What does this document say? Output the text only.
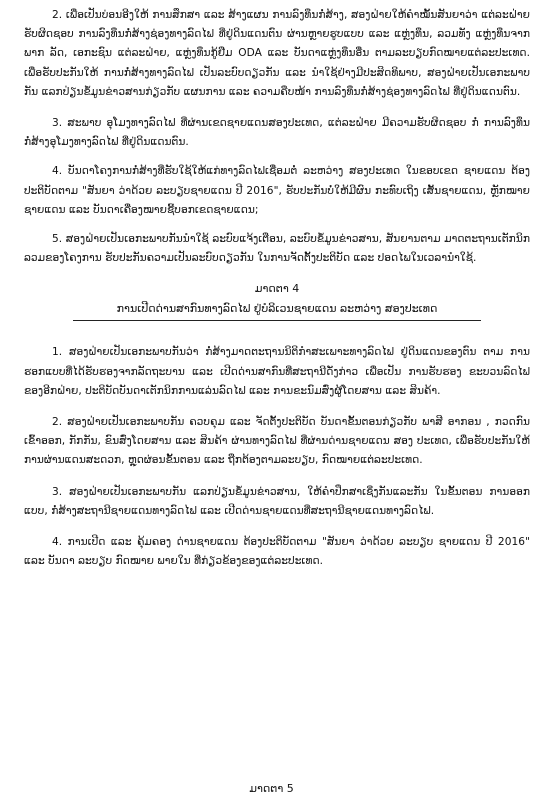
2. ເພື່ອເປັນບ່ອນອີງໃຫ້ ການສຶກສາ ແລະ ສ້າງແຜນ ການລົງທຶນກໍ່ສ້າງ, ສອງຝ່າຍໃຫ້ຄໍາໝັ້ນສັນຍາວ່າ ແຕ່ລະຝ່າຍຮັບຜິດຊອບ ການລົງທຶນກໍ່ສ້າງຊ່ອງທາງລົດໄຟ ທີ່ຢູ່ດິນແດນຕົນ ຜ່ານຫຼາຍຮູບແບບ ແລະ ແຫຼ່ງທຶນ, ລວມທັງ ແຫຼ່ງທຶນຈາກພາກ ລັດ, ເອກະຊົນ ແຕ່ລະຝ່າຍ, ແຫຼ່ງທຶນກູ້ຢືມ ODA ແລະ ບັນດາແຫຼ່ງທຶນອື່ນ ຕາມລະບຽບກົດໝາຍແຕ່ລະປະເທດ. ເພື່ອຮັບປະກັນໃຫ້ ການກໍ່ສ້າງທາງລົດໄຟ ເປັນລະບົບດຽວກັນ ແລະ ນໍາໃຊ້ຢ່າງມີປະສິດທິພາບ, ສອງຝ່າຍເປັນເອກະພາບກັນ ແລກປ່ຽນຂໍ້ມູນຂ່າວສານກ່ຽວກັບ ແຜນການ ແລະ ຄວາມຄືບໜ້າ ການລົງທຶນກໍ່ສ້າງຊ່ອງທາງລົດໄຟ ທີ່ຢູ່ດິນແດນຕົນ.

3. ສະພາບ ອຸໂມງທາງລົດໄຟ ທີ່ຜ່ານເຂດຊາຍແດນສອງປະເທດ, ແຕ່ລະຝ່າຍ ມີຄວາມຮັບຜິດຊອບ ກໍ່ ການລົງທຶນກໍ່ສ້າງອຸໂມງທາງລົດໄຟ ທີ່ຢູ່ດິນແດນຕົນ.

4. ບັນດາໂຄງການກໍ່ສ້າງທີ່ຮັບໃຊ້ໃຫ້ແກ່ທາງລົດໄຟເຊື່ອມຕໍ່ ລະຫວ່າງ ສອງປະເທດ ໃນຂອບເຂດ ຊາຍແດນ ຕ້ອງປະຕິບັດຕາມ "ສັນຍາ ວ່າດ້ວຍ ລະບຽບຊາຍແດນ ປີ 2016", ຮັບປະກັນບໍ່ໃຫ້ມີຜົນ ກະທົບເຖິງ ເສັ້ນຊາຍແດນ, ຫຼັກໝາຍຊາຍແດນ ແລະ ບັນດາເຄື່ອງໝາຍຊີ້ບອກເຂດຊາຍແດນ;

5. ສອງຝ່າຍເປັນເອກະພາບກັນນໍາໃຊ້ ລະບົບແຈ້ງເຕືອນ, ລະບົບຂໍ້ມູນຂ່າວສານ, ສັນຍານຕາມ ມາດຕະຖານເຕັກນິກລວມຂອງໂຄງການ ຮັບປະກັນຄວາມເປັນລະບົບດຽວກັນ ໃນການຈັດຕັ້ງປະຕິບັດ ແລະ ປອດໄພໃນເວລານໍາໃຊ້.

ມາດຕາ 4
ການເປີດດ່ານສາກົນທາງລົດໄຟ ຢູ່ບໍລິເວນຊາຍແດນ ລະຫວ່າງ ສອງປະເທດ

1. ສອງຝ່າຍເປັນເອກະພາບກັນວ່າ ກໍ່ສ້າງມາດຕະຖານນິຕິກໍາສະເພາະທາງລົດໄຟ ຢູ່ດິນແດນຂອງຕົນ ຕາມ ການຮອກແບບທີ່ໄດ້ຮັບຮອງຈາກລັດຖະບານ ແລະ ເປີດດ່ານສາກົນທີ່ສະຖານີດັ່ງກ່າວ ເພື່ອເປັນ ການຮັບຮອງ ຂະບວນລົດໄຟຂອງອີກຝ່າຍ, ປະຕິບັດບັນດາເຕັກນິກການແລ່ນລົດໄຟ ແລະ ການຂະນົມສົ່ງຜູ້ໂດຍສານ ແລະ ສິນຄ້າ.

2. ສອງຝ່າຍເປັນເອກະພາບກັນ ຄວບຄຸມ ແລະ ຈັດຕັ້ງປະຕິບັດ ບັນດາຂັ້ນຕອນກ່ຽວກັບ ພາສີ ອາກອນ , ກວດກົນເຂົ້າອອກ, ກັກກັນ, ຂົນສົ່ງໂດຍສານ ແລະ ສິນຄ້າ ຜ່ານທາງລົດໄຟ ທີ່ຜ່ານດ່ານຊາຍແດນ ສອງ ປະເທດ, ເພື່ອຮັບປະກັນໃຫ້ ການຜ່ານແດນສະດວກ, ຫຼຸດຜ່ອນຂັ້ນຕອນ ແລະ ຖືກຕ້ອງຕາມລະບຽບ, ກົດໝາຍແຕ່ລະປະເທດ.

3. ສອງຝ່າຍເປັນເອກະພາບກັນ ແລກປ່ຽນຂໍ້ມູນຂ່າວສານ, ໃຫ້ຄໍາປຶກສາເຊິ່ງກັນແລະກັນ ໃນຂັ້ນຕອນ ການອອກແບບ, ກໍ່ສ້າງສະຖານີຊາຍແດນທາງລົດໄຟ ແລະ ເປີດດ່ານຊາຍແດນທີ່ສະຖານີຊາຍແດນທາງລົດໄຟ.

4. ການເປີດ ແລະ ຄຸ້ມຄອງ ດ່ານຊາຍແດນ ຕ້ອງປະຕິບັດຕາມ "ສັນຍາ ວ່າດ້ວຍ ລະບຽບ ຊາຍແດນ ປີ 2016" ແລະ ບັນດາ ລະບຽບ ກົດໝາຍ ພາຍໃນ ທີ່ກ່ຽວຂ້ອງຂອງແຕ່ລະປະເທດ.

ມາດຕາ 5
